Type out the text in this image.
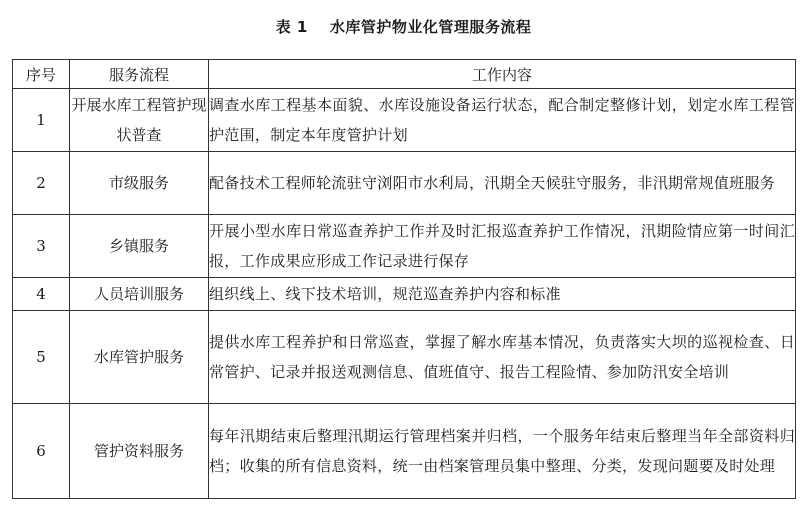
表 1 水库管护物业化管理服务流程
序号	服务流程	工作内容
1	开展水库工程管护现状普查	调查水库工程基本面貌、水库设施设备运行状态，配合制定整修计划，划定水库工程管护范围，制定本年度管护计划
2	市级服务	配备技术工程师轮流驻守浏阳市水利局，汛期全天候驻守服务，非汛期常规值班服务
3	乡镇服务	开展小型水库日常巡查养护工作并及时汇报巡查养护工作情况，汛期险情应第一时间汇报，工作成果应形成工作记录进行保存
4	人员培训服务	组织线上、线下技术培训，规范巡查养护内容和标准
5	水库管护服务	提供水库工程养护和日常巡查，掌握了解水库基本情况，负责落实大坝的巡视检查、日常管护、记录并报送观测信息、值班值守、报告工程险情、参加防汛安全培训
6	管护资料服务	每年汛期结束后整理汛期运行管理档案并归档，一个服务年结束后整理当年全部资料归档；收集的所有信息资料，统一由档案管理员集中整理、分类，发现问题要及时处理
